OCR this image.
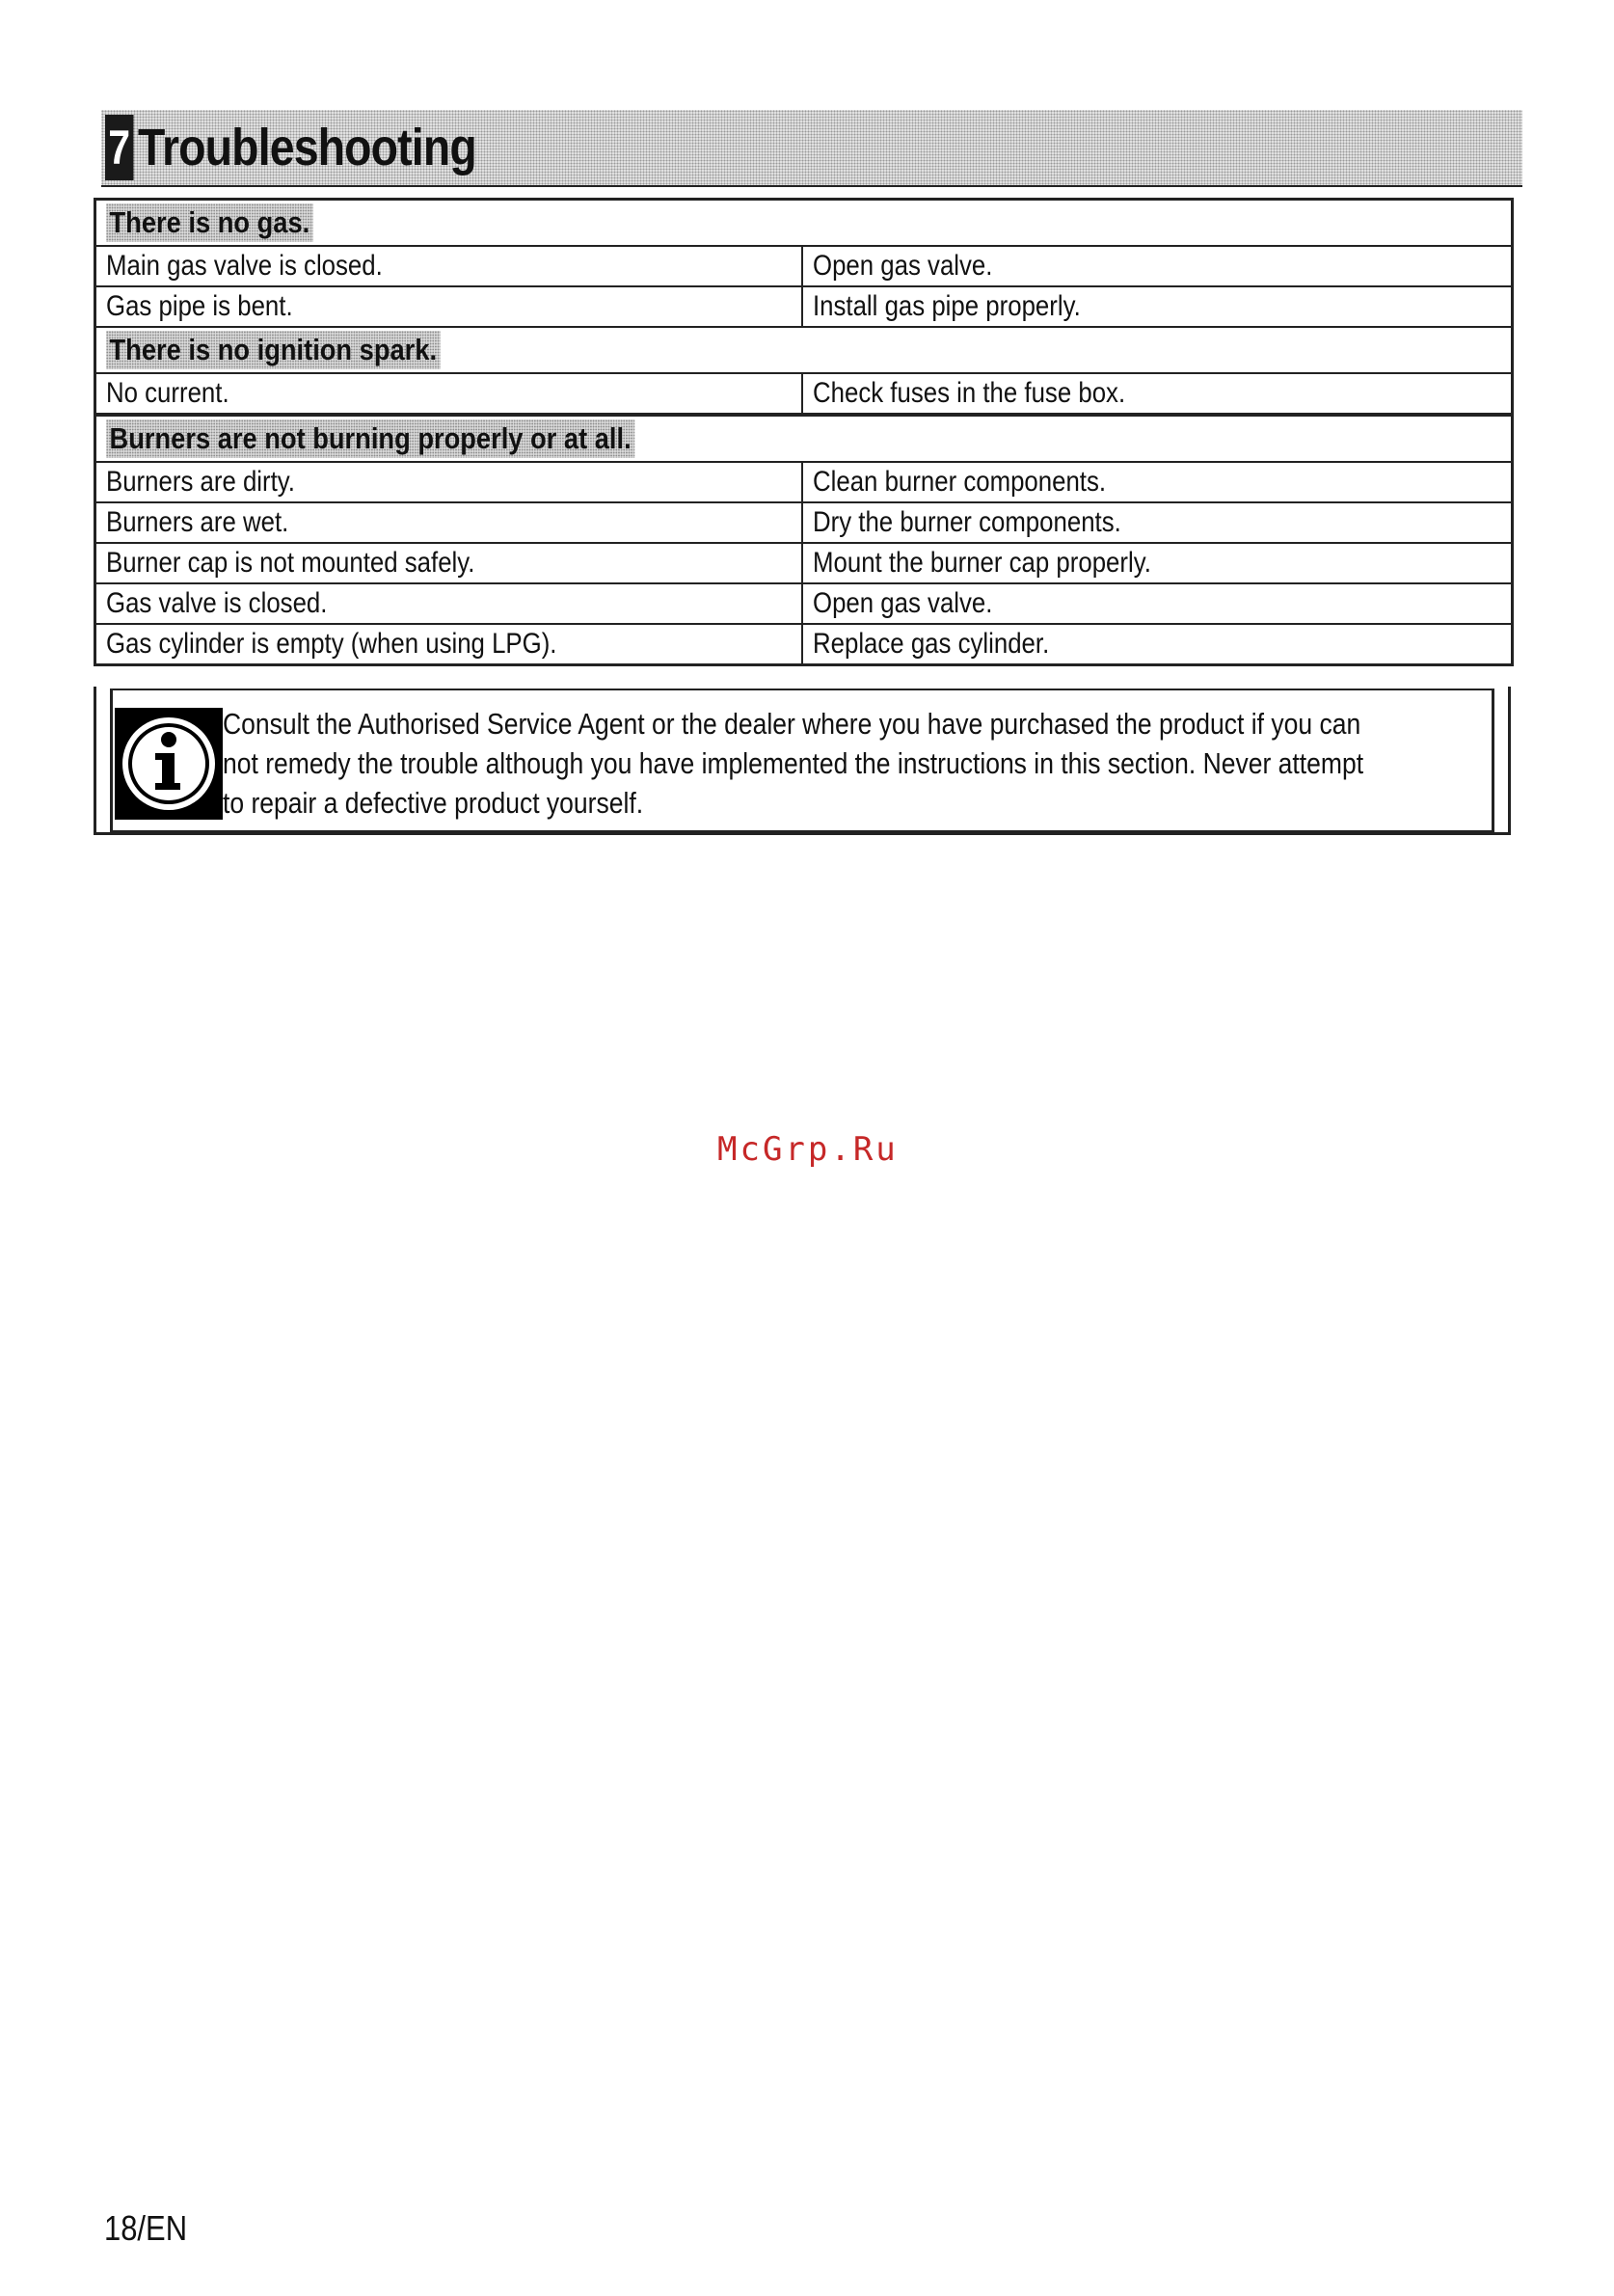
7 Troubleshooting
There is no gas.	
Main gas valve is closed.	Open gas valve.
Gas pipe is bent.	Install gas pipe properly.
There is no ignition spark.	
No current.	Check fuses in the fuse box.
Burners are not burning properly or at all.	
Burners are dirty.	Clean burner components.
Burners are wet.	Dry the burner components.
Burner cap is not mounted safely.	Mount the burner cap properly.
Gas valve is closed.	Open gas valve.
Gas cylinder is empty (when using LPG).	Replace gas cylinder.
Consult the Authorised Service Agent or the dealer where you have purchased the product if you can
not remedy the trouble although you have implemented the instructions in this section. Never attempt
to repair a defective product yourself.
McGrp.Ru
18/EN
